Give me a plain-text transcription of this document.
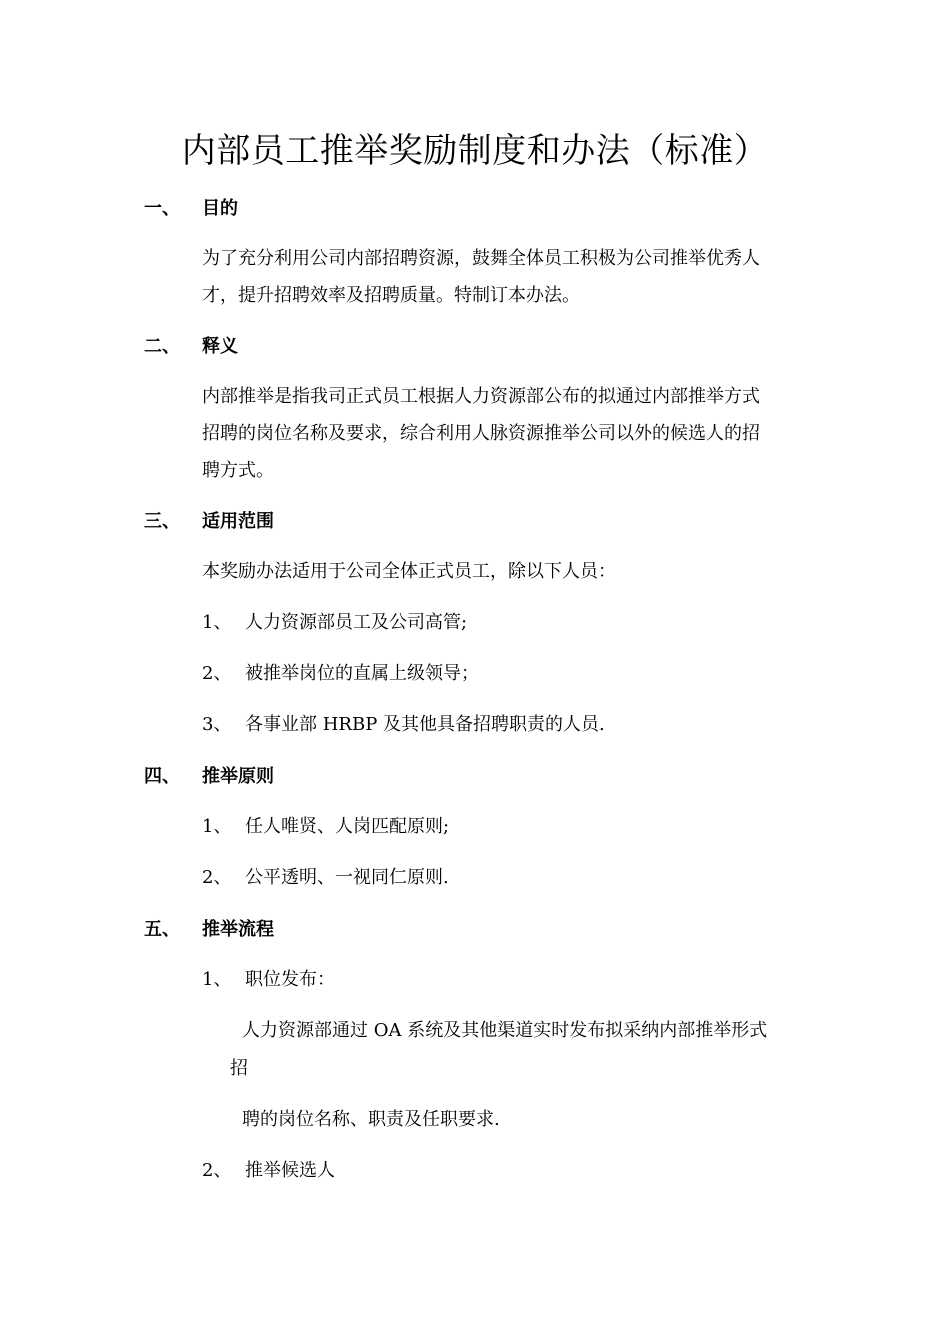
内部员工推举奖励制度和办法（标准）
一、 目的
为了充分利用公司内部招聘资源，鼓舞全体员工积极为公司推举优秀人
才，提升招聘效率及招聘质量。特制订本办法。
二、 释义
内部推举是指我司正式员工根据人力资源部公布的拟通过内部推举方式
招聘的岗位名称及要求，综合利用人脉资源推举公司以外的候选人的招
聘方式。
三、 适用范围
本奖励办法适用于公司全体正式员工，除以下人员：
1、 人力资源部员工及公司高管;
2、 被推举岗位的直属上级领导；
3、 各事业部 HRBP 及其他具备招聘职责的人员.
四、 推举原则
1、 任人唯贤、人岗匹配原则;
2、 公平透明、一视同仁原则.
五、 推举流程
1、 职位发布：
人力资源部通过 OA 系统及其他渠道实时发布拟采纳内部推举形式
招
聘的岗位名称、职责及任职要求.
2、 推举候选人
